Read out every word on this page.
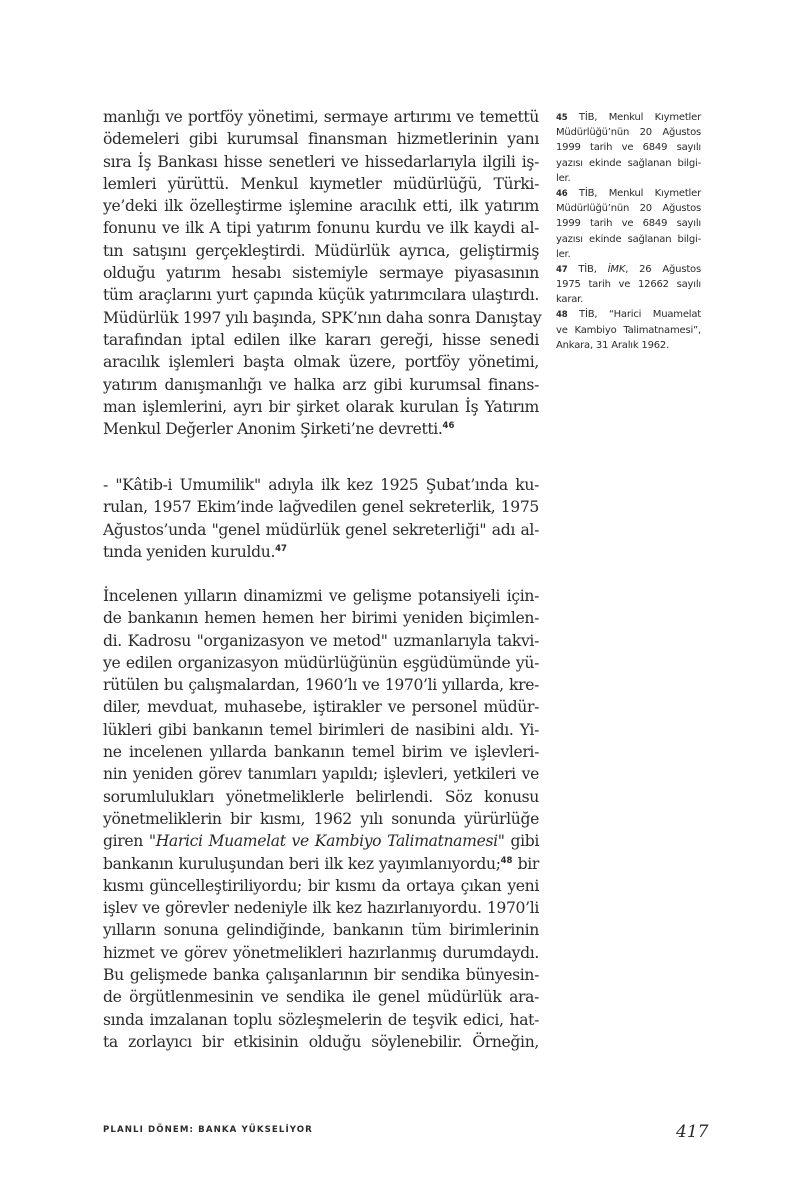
manlığı ve portföy yönetimi, sermaye artırımı ve temettü
ödemeleri gibi kurumsal finansman hizmetlerinin yanı
sıra İş Bankası hisse senetleri ve hissedarlarıyla ilgili iş-
lemleri yürüttü. Menkul kıymetler müdürlüğü, Türki-
ye’deki ilk özelleştirme işlemine aracılık etti, ilk yatırım
fonunu ve ilk A tipi yatırım fonunu kurdu ve ilk kaydi al-
tın satışını gerçekleştirdi. Müdürlük ayrıca, geliştirmiş
olduğu yatırım hesabı sistemiyle sermaye piyasasının
tüm araçlarını yurt çapında küçük yatırımcılara ulaştırdı.
Müdürlük 1997 yılı başında, SPK’nın daha sonra Danıştay
tarafından iptal edilen ilke kararı gereği, hisse senedi
aracılık işlemleri başta olmak üzere, portföy yönetimi,
yatırım danışmanlığı ve halka arz gibi kurumsal finans-
man işlemlerini, ayrı bir şirket olarak kurulan İş Yatırım
Menkul Değerler Anonim Şirketi’ne devretti.$^{46}$
- "Kâtib-i Umumilik" adıyla ilk kez 1925 Şubat’ında ku-
rulan, 1957 Ekim’inde lağvedilen genel sekreterlik, 1975
Ağustos’unda "genel müdürlük genel sekreterliği" adı al-
tında yeniden kuruldu.$^{47}$
İncelenen yılların dinamizmi ve gelişme potansiyeli için-
de bankanın hemen hemen her birimi yeniden biçimlen-
di. Kadrosu "organizasyon ve metod" uzmanlarıyla takvi-
ye edilen organizasyon müdürlüğünün eşgüdümünde yü-
rütülen bu çalışmalardan, 1960’lı ve 1970’li yıllarda, kre-
diler, mevduat, muhasebe, iştirakler ve personel müdür-
lükleri gibi bankanın temel birimleri de nasibini aldı. Yi-
ne incelenen yıllarda bankanın temel birim ve işlevleri-
nin yeniden görev tanımları yapıldı; işlevleri, yetkileri ve
sorumlulukları yönetmeliklerle belirlendi. Söz konusu
yönetmeliklerin bir kısmı, 1962 yılı sonunda yürürlüğe
giren "Harici Muamelat ve Kambiyo Talimatnamesi" gibi
bankanın kuruluşundan beri ilk kez yayımlanıyordu;$^{48}$ bir
kısmı güncelleştiriliyordu; bir kısmı da ortaya çıkan yeni
işlev ve görevler nedeniyle ilk kez hazırlanıyordu. 1970’li
yılların sonuna gelindiğinde, bankanın tüm birimlerinin
hizmet ve görev yönetmelikleri hazırlanmış durumdaydı.
Bu gelişmede banka çalışanlarının bir sendika bünyesin-
de örgütlenmesinin ve sendika ile genel müdürlük ara-
sında imzalanan toplu sözleşmelerin de teşvik edici, hat-
ta zorlayıcı bir etkisinin olduğu söylenebilir. Örneğin,
45 TİB, Menkul Kıymetler
Müdürlüğü’nün 20 Ağustos
1999 tarih ve 6849 sayılı
yazısı ekinde sağlanan bilgi-
ler.
46 TİB, Menkul Kıymetler
Müdürlüğü’nün 20 Ağustos
1999 tarih ve 6849 sayılı
yazısı ekinde sağlanan bilgi-
ler.
47 TİB, İMK, 26 Ağustos
1975 tarih ve 12662 sayılı
karar.
48 TİB, “Harici Muamelat
ve Kambiyo Talimatnamesi”,
Ankara, 31 Aralık 1962.
PLANLI DÖNEM: BANKA YÜKSELİYOR	417
